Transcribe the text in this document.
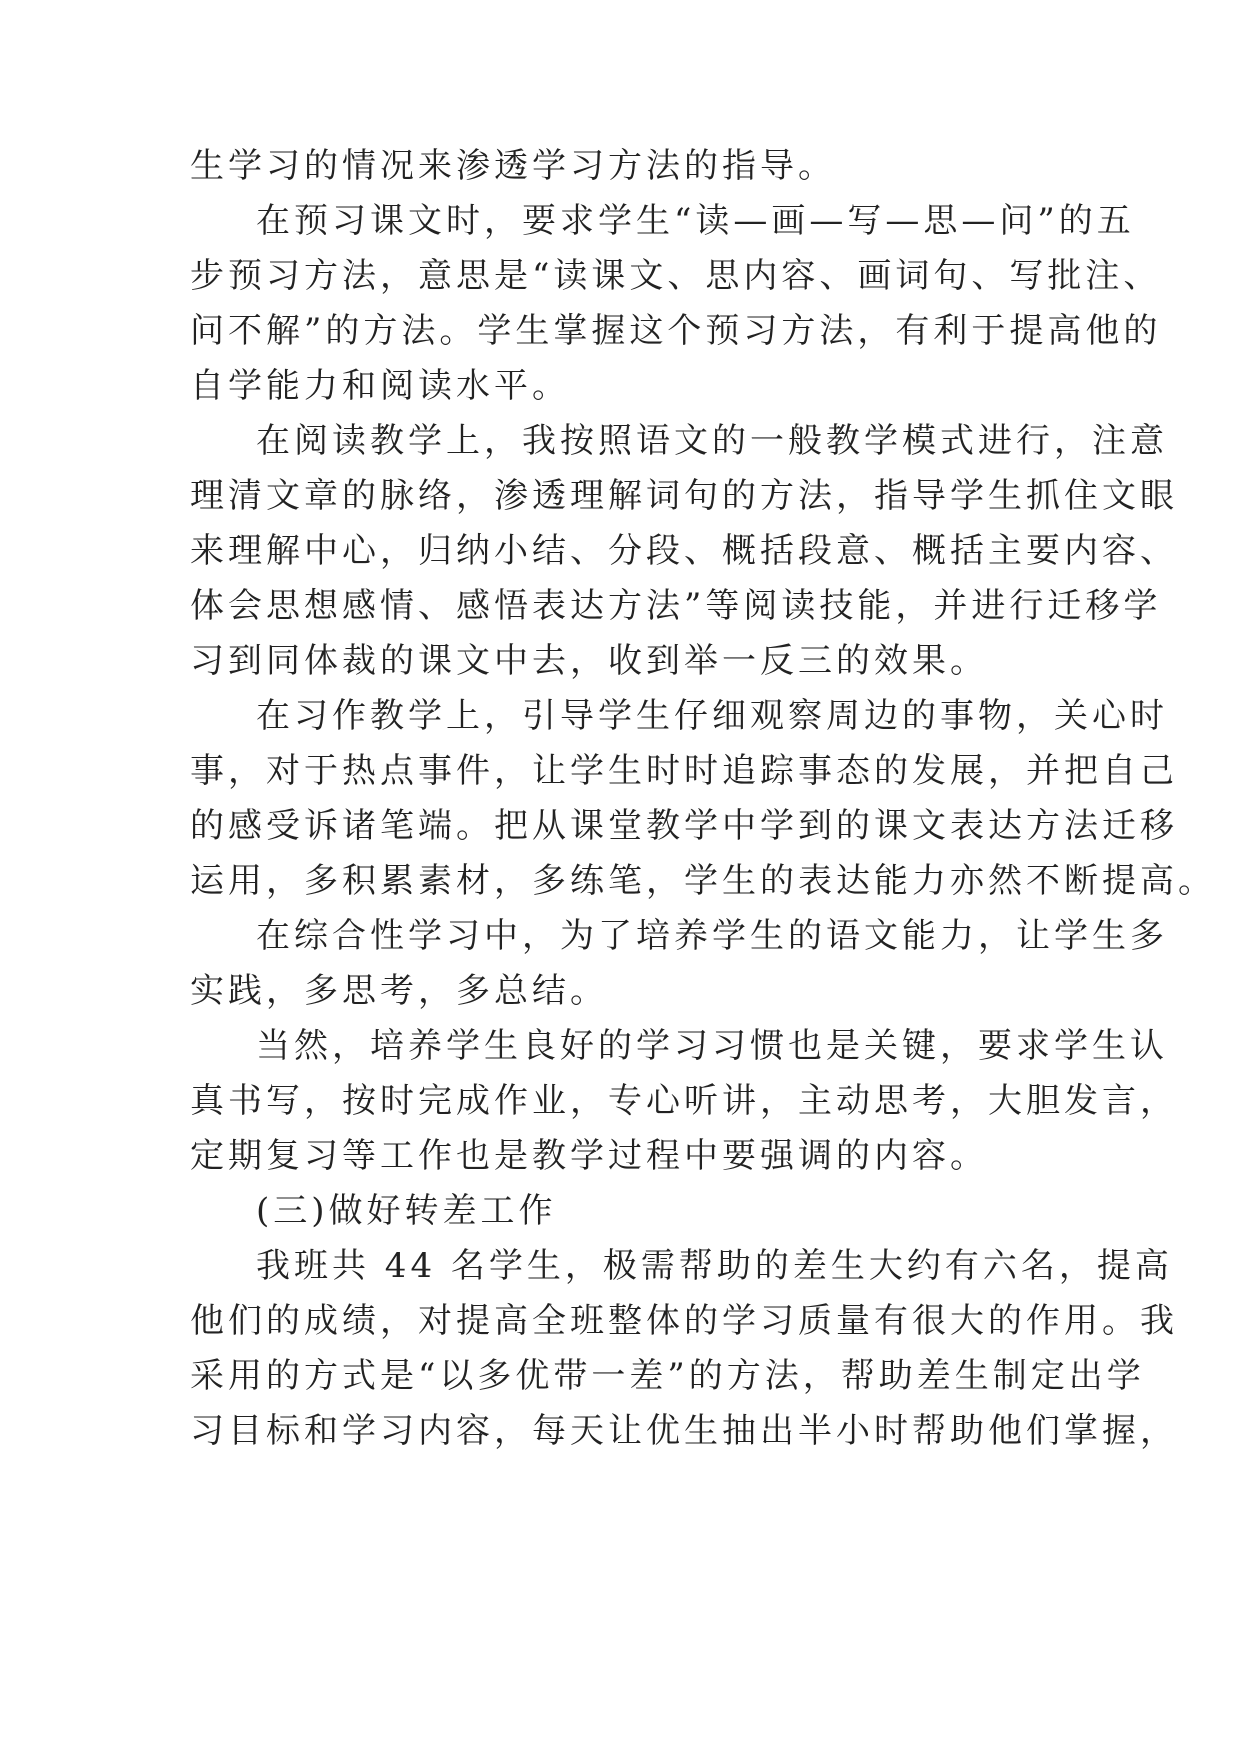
生学习的情况来渗透学习方法的指导。
在预习课文时，要求学生“读—画—写—思—问”的五
步预习方法，意思是“读课文、思内容、画词句、写批注、
问不解”的方法。学生掌握这个预习方法，有利于提高他的
自学能力和阅读水平。
在阅读教学上，我按照语文的一般教学模式进行，注意
理清文章的脉络，渗透理解词句的方法，指导学生抓住文眼
来理解中心，归纳小结、分段、概括段意、概括主要内容、
体会思想感情、感悟表达方法”等阅读技能，并进行迁移学
习到同体裁的课文中去，收到举一反三的效果。
在习作教学上，引导学生仔细观察周边的事物，关心时
事，对于热点事件，让学生时时追踪事态的发展，并把自己
的感受诉诸笔端。把从课堂教学中学到的课文表达方法迁移
运用，多积累素材，多练笔，学生的表达能力亦然不断提高。
在综合性学习中，为了培养学生的语文能力，让学生多
实践，多思考，多总结。
当然，培养学生良好的学习习惯也是关键，要求学生认
真书写，按时完成作业，专心听讲，主动思考，大胆发言，
定期复习等工作也是教学过程中要强调的内容。
(三)做好转差工作
我班共 44 名学生，极需帮助的差生大约有六名，提高
他们的成绩，对提高全班整体的学习质量有很大的作用。我
采用的方式是“以多优带一差”的方法，帮助差生制定出学
习目标和学习内容，每天让优生抽出半小时帮助他们掌握，
